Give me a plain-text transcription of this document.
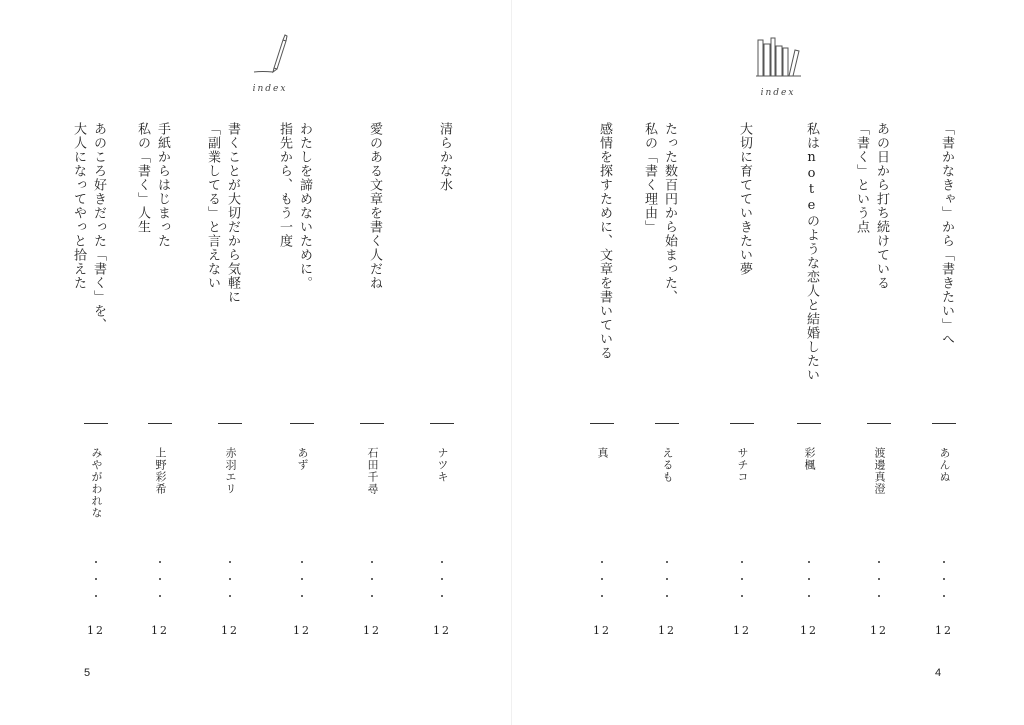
index
清らかな水
ナツキ
12
愛のある文章を書く人だね
石田千尋
12
わたしを諦めないために。
指先から、もう一度
あず
12
書くことが大切だから気軽に
「副業してる」と言えない
赤羽エリ
12
手紙からはじまった
私の「書く」人生
上野彩希
12
あのころ好きだった「書く」を、
大人になってやっと拾えた
みやがわれな
12
5
index
「書かなきゃ」から「書きたい」へ
あんぬ
12
あの日から打ち続けている
「書く」という点
渡邊真澄
12
私はnoteのような恋人と結婚したい
彩楓
12
大切に育てていきたい夢
サチコ
12
たった数百円から始まった、
私の「書く理由」
えるも
12
感情を探すために、文章を書いている
真
12
4
